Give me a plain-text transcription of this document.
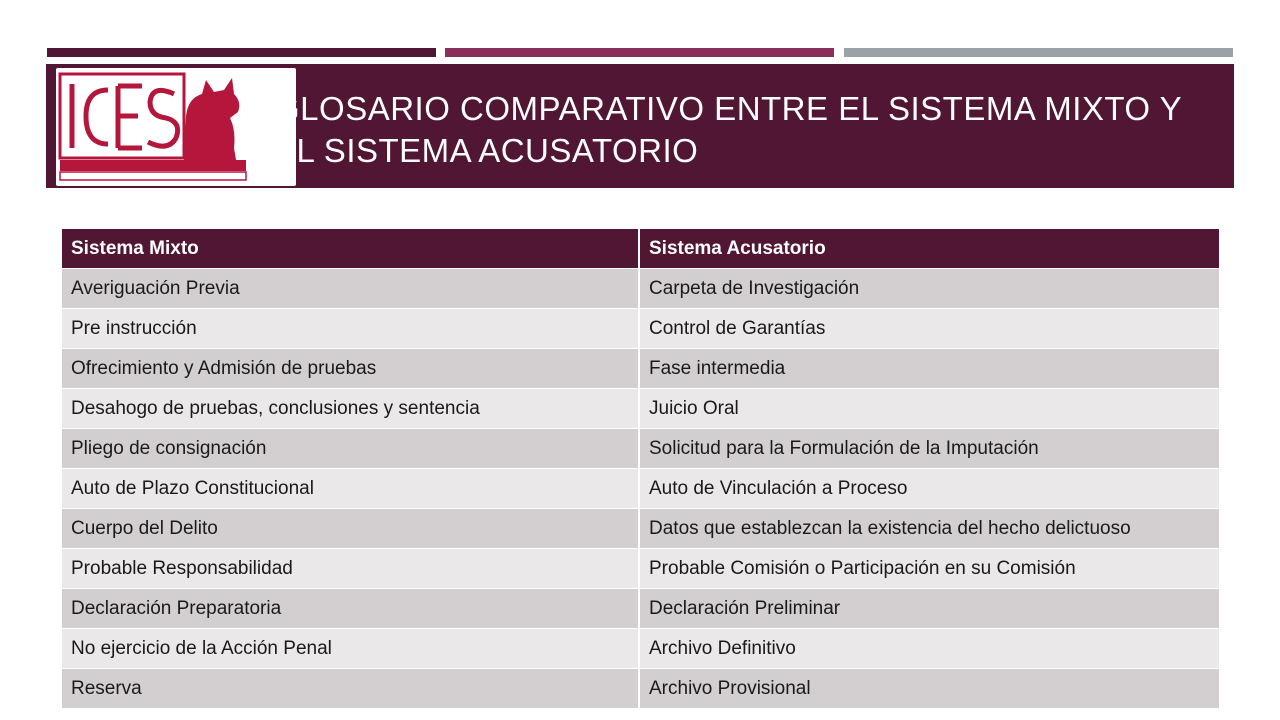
GLOSARIO COMPARATIVO ENTRE EL SISTEMA MIXTO Y EL SISTEMA ACUSATORIO
Sistema Mixto	Sistema Acusatorio
Averiguación Previa	Carpeta de Investigación
Pre instrucción	Control de Garantías
Ofrecimiento y Admisión de pruebas	Fase intermedia
Desahogo de pruebas, conclusiones y sentencia	Juicio Oral
Pliego de consignación	Solicitud para la Formulación de la Imputación
Auto de Plazo Constitucional	Auto de Vinculación a Proceso
Cuerpo del Delito	Datos que establezcan la existencia del hecho delictuoso
Probable Responsabilidad	Probable Comisión o Participación en su Comisión
Declaración Preparatoria	Declaración Preliminar
No ejercicio de la Acción Penal	Archivo Definitivo
Reserva	Archivo Provisional
